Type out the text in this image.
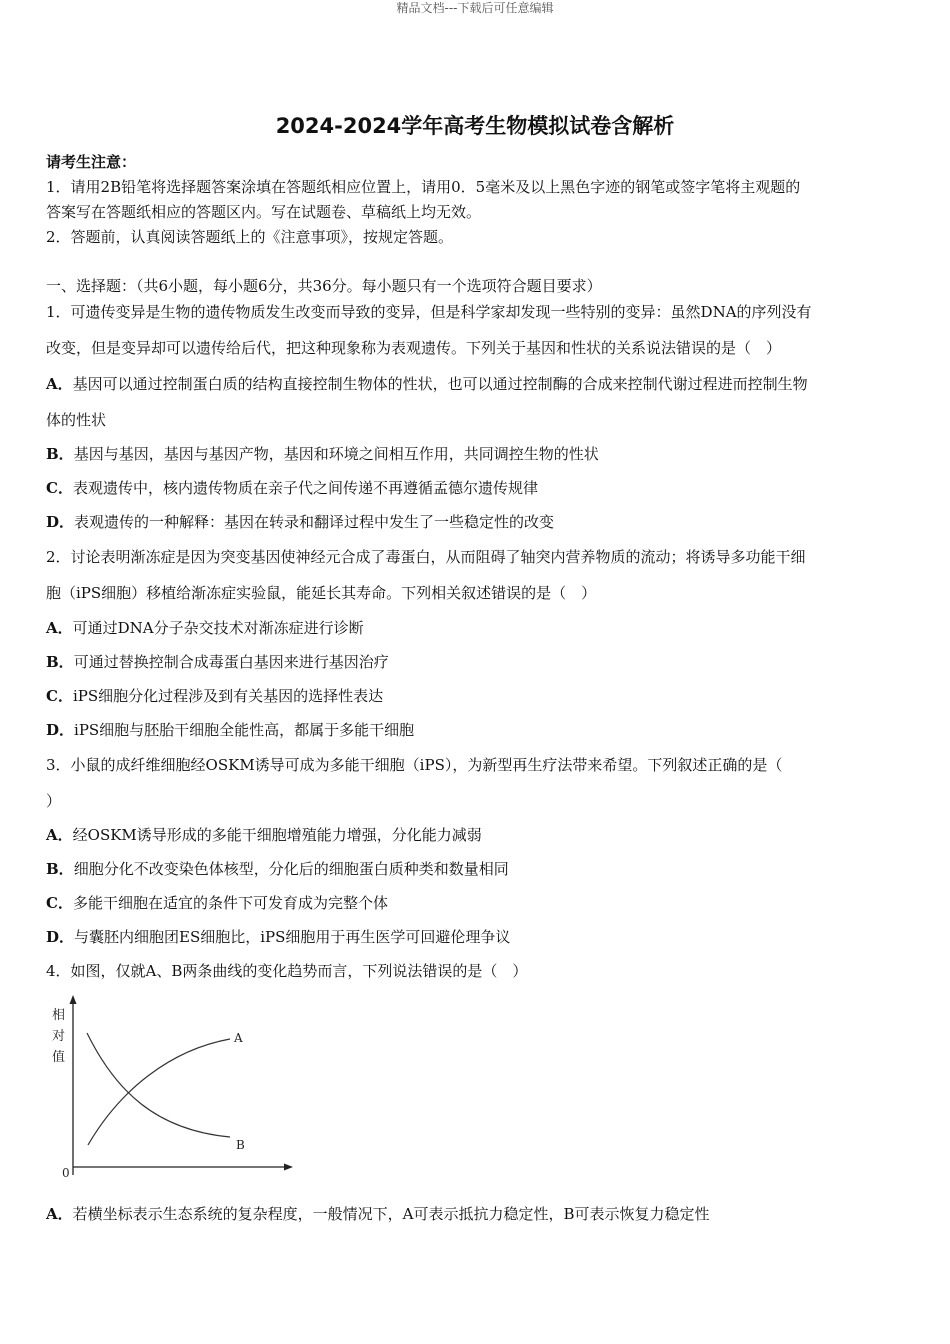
精品文档---下载后可任意编辑
2024-2024学年高考生物模拟试卷含解析
请考生注意：
1．请用2B铅笔将选择题答案涂填在答题纸相应位置上，请用0．5毫米及以上黑色字迹的钢笔或签字笔将主观题的
答案写在答题纸相应的答题区内。写在试题卷、草稿纸上均无效。
2．答题前，认真阅读答题纸上的《注意事项》，按规定答题。
一、选择题：（共6小题，每小题6分，共36分。每小题只有一个选项符合题目要求）
1．可遗传变异是生物的遗传物质发生改变而导致的变异，但是科学家却发现一些特别的变异：虽然DNA的序列没有
改变，但是变异却可以遗传给后代，把这种现象称为表观遗传。下列关于基因和性状的关系说法错误的是（　）
A．基因可以通过控制蛋白质的结构直接控制生物体的性状，也可以通过控制酶的合成来控制代谢过程进而控制生物
体的性状
B．基因与基因，基因与基因产物，基因和环境之间相互作用，共同调控生物的性状
C．表观遗传中，核内遗传物质在亲子代之间传递不再遵循孟德尔遗传规律
D．表观遗传的一种解释：基因在转录和翻译过程中发生了一些稳定性的改变
2．讨论表明渐冻症是因为突变基因使神经元合成了毒蛋白，从而阻碍了轴突内营养物质的流动；将诱导多功能干细
胞（iPS细胞）移植给渐冻症实验鼠，能延长其寿命。下列相关叙述错误的是（　）
A．可通过DNA分子杂交技术对渐冻症进行诊断
B．可通过替换控制合成毒蛋白基因来进行基因治疗
C．iPS细胞分化过程涉及到有关基因的选择性表达
D．iPS细胞与胚胎干细胞全能性高，都属于多能干细胞
3．小鼠的成纤维细胞经OSKM诱导可成为多能干细胞（iPS），为新型再生疗法带来希望。下列叙述正确的是（
）
A．经OSKM诱导形成的多能干细胞增殖能力增强，分化能力减弱
B．细胞分化不改变染色体核型，分化后的细胞蛋白质种类和数量相同
C．多能干细胞在适宜的条件下可发育成为完整个体
D．与囊胚内细胞团ES细胞比，iPS细胞用于再生医学可回避伦理争议
4．如图，仅就A、B两条曲线的变化趋势而言，下列说法错误的是（　）
相
对
值
0
A
B
A．若横坐标表示生态系统的复杂程度，一般情况下，A可表示抵抗力稳定性，B可表示恢复力稳定性
